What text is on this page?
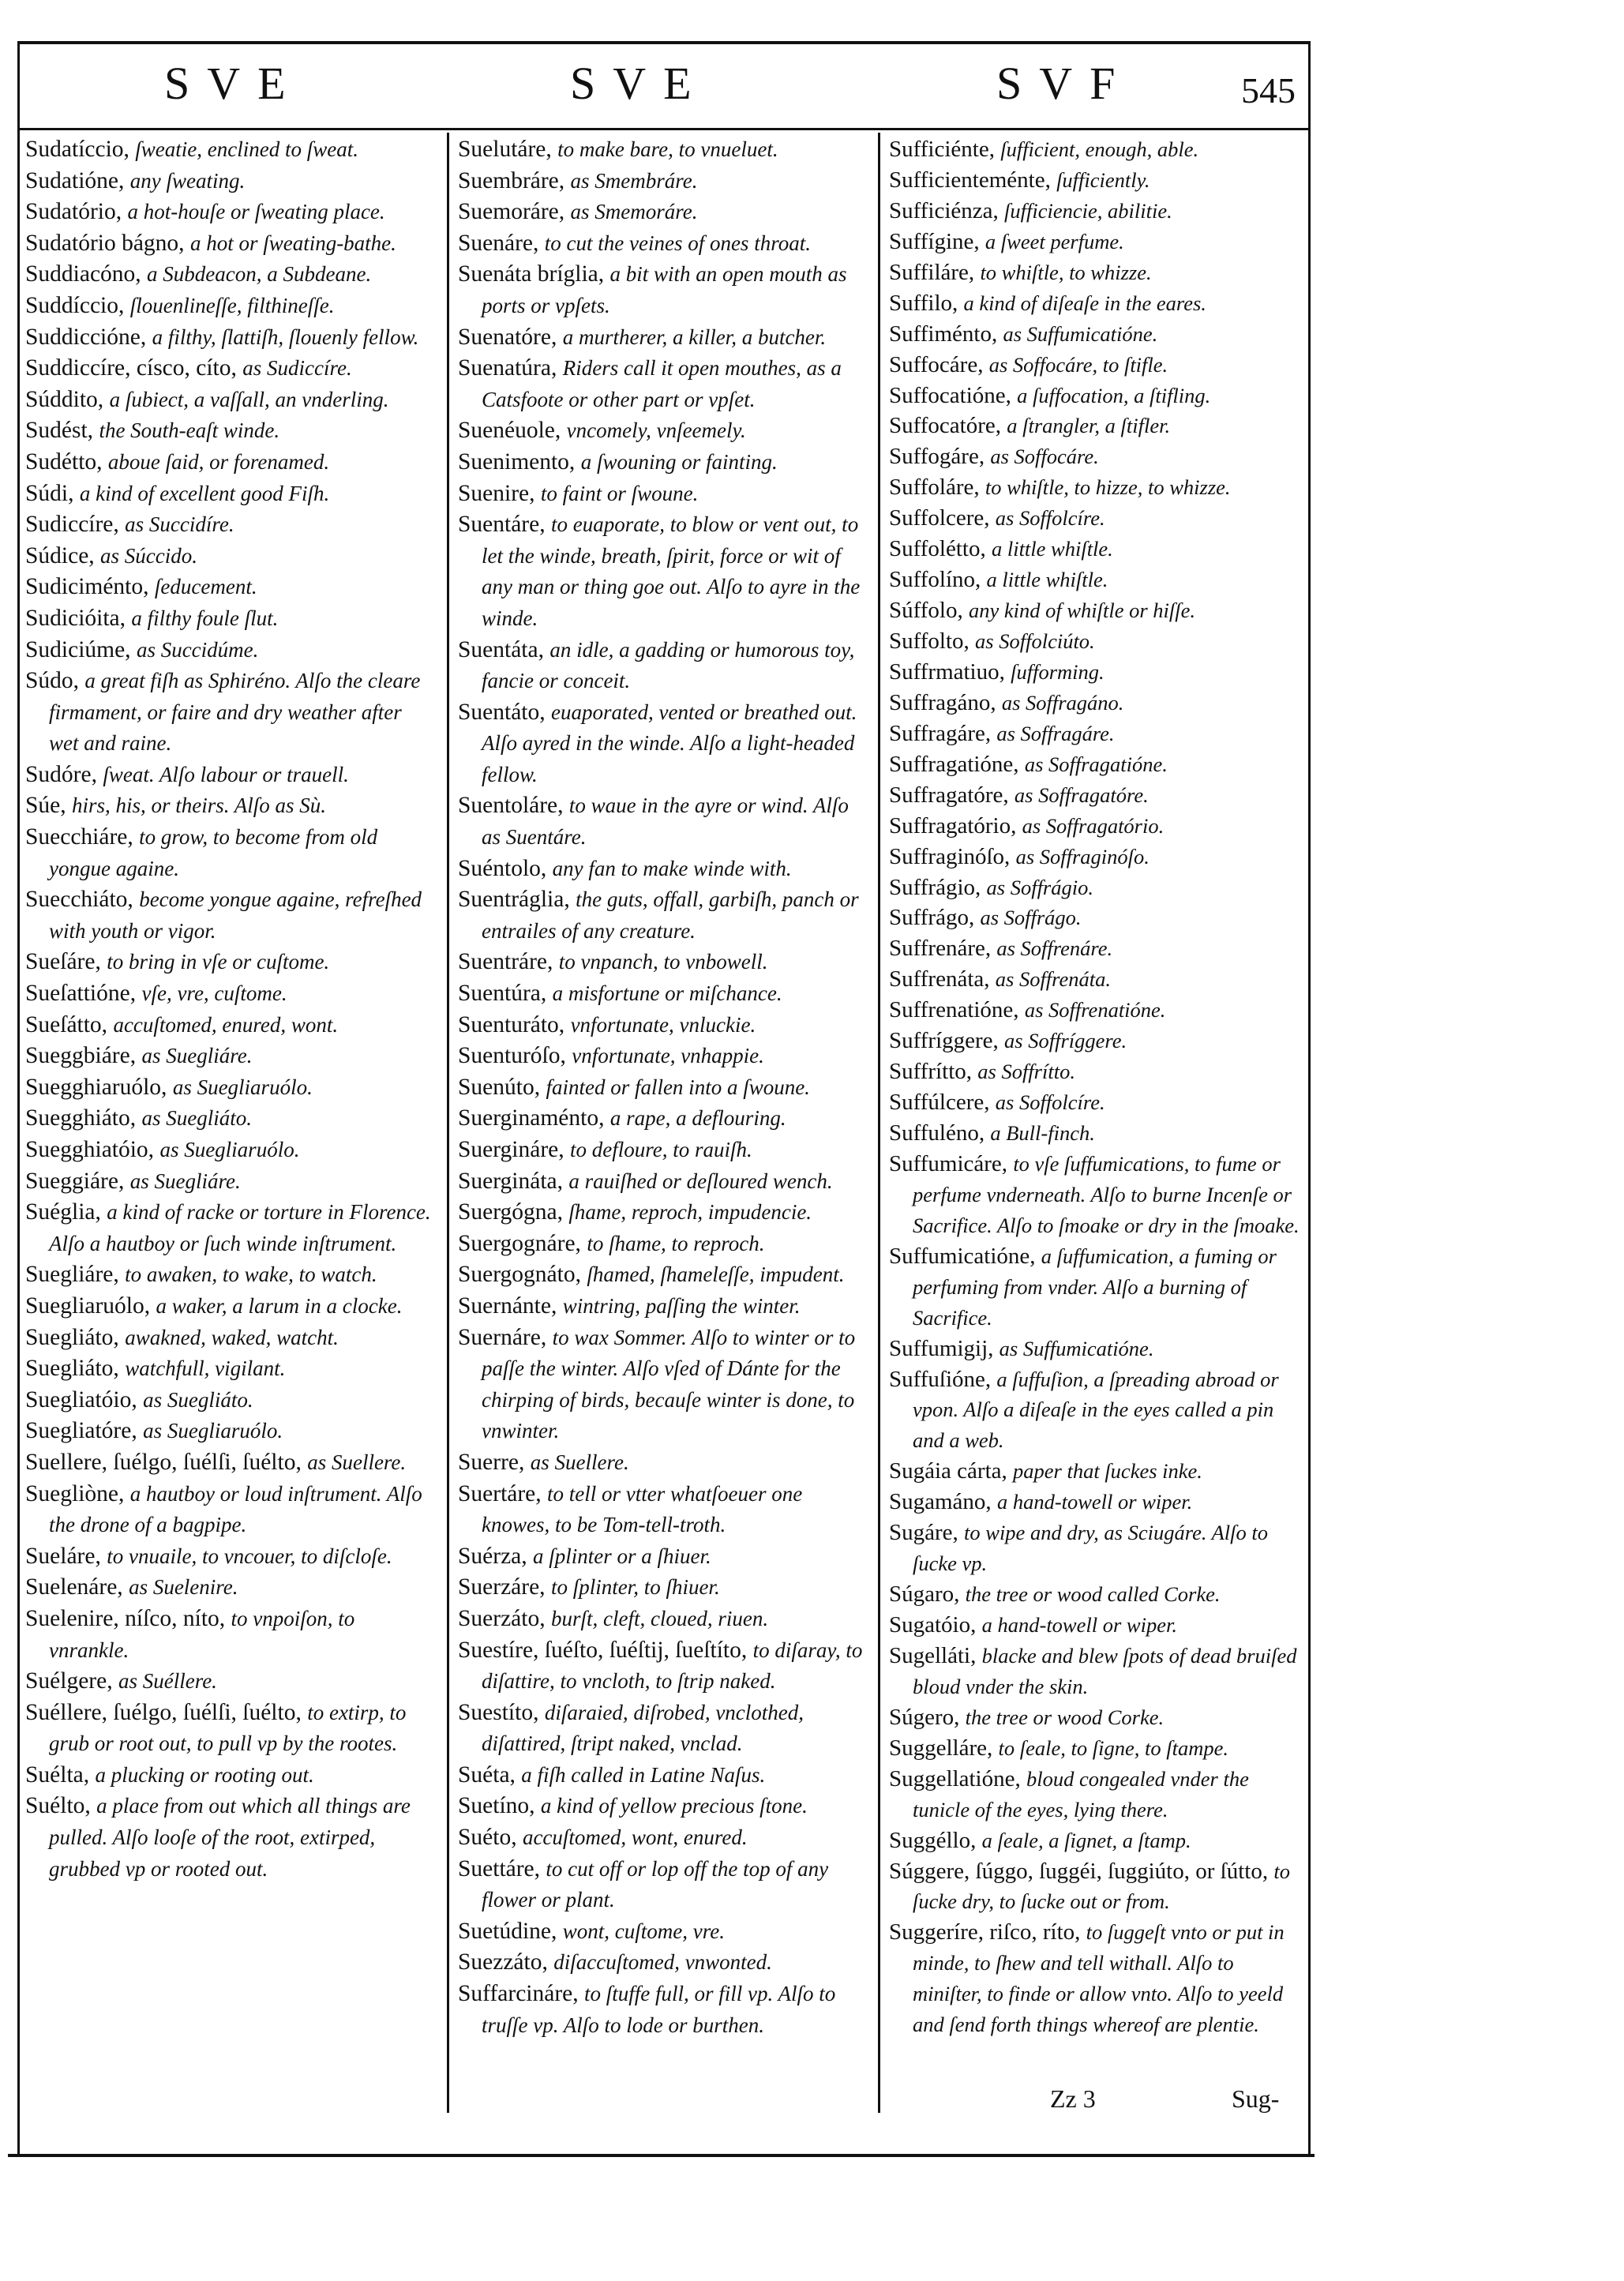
SVE	SVE	SVF	545

Sudatíccio, ſweatie, enclined to ſweat.

Sudatióne, any ſweating.

Sudatório, a hot-houſe or ſweating place.

Sudatório bágno, a hot or ſweating-bathe.

Suddiacóno, a Subdeacon, a Subdeane.

Suddíccio, ſlouenlineſſe, filthineſſe.

Suddiccióne, a filthy, ſlattiſh, ſlouenly fellow.

Suddiccíre, císco, cíto, as Sudiccíre.

Súddito, a ſubiect, a vaſſall, an vnderling.

Sudést, the South-eaſt winde.

Sudétto, aboue ſaid, or forenamed.

Súdi, a kind of excellent good Fiſh.

Sudiccíre, as Succidíre.

Súdice, as Súccido.

Sudiciménto, ſeducement.

Sudicióita, a filthy foule ſlut.

Sudiciúme, as Succidúme.

Súdo, a great fiſh as Sphiréno. Alſo the cleare firmament, or faire and dry weather after wet and raine.

Sudóre, ſweat. Alſo labour or trauell.

Súe, hirs, his, or theirs. Alſo as Sù.

Suecchiáre, to grow, to become from old yongue againe.

Suecchiáto, become yongue againe, refreſhed with youth or vigor.

Sueſáre, to bring in vſe or cuſtome.

Sueſattióne, vſe, vre, cuſtome.

Sueſátto, accuſtomed, enured, wont.

Sueggbiáre, as Suegliáre.

Suegghiaruólo, as Suegliaruólo.

Suegghiáto, as Suegliáto.

Suegghiatóio, as Suegliaruólo.

Sueggiáre, as Suegliáre.

Suéglia, a kind of racke or torture in Florence. Alſo a hautboy or ſuch winde inſtrument.

Suegliáre, to awaken, to wake, to watch.

Suegliaruólo, a waker, a larum in a clocke.

Suegliáto, awakned, waked, watcht.

Suegliáto, watchfull, vigilant.

Suegliatóio, as Suegliáto.

Suegliatóre, as Suegliaruólo.

Suellere, ſuélgo, ſuélſi, ſuélto, as Suellere.

Suegliòne, a hautboy or loud inſtrument. Alſo the drone of a bagpipe.

Sueláre, to vnuaile, to vncouer, to diſcloſe.

Suelenáre, as Suelenire.

Suelenire, níſco, níto, to vnpoiſon, to vnrankle.

Suélgere, as Suéllere.

Suéllere, ſuélgo, ſuélſi, ſuélto, to extirp, to grub or root out, to pull vp by the rootes.

Suélta, a plucking or rooting out.

Suélto, a place from out which all things are pulled. Alſo looſe of the root, extirped, grubbed vp or rooted out.

Suelutáre, to make bare, to vnueluet.

Suembráre, as Smembráre.

Suemoráre, as Smemoráre.

Suenáre, to cut the veines of ones throat.

Suenáta bríglia, a bit with an open mouth as ports or vpſets.

Suenatóre, a murtherer, a killer, a butcher.

Suenatúra, Riders call it open mouthes, as a Catsfoote or other part or vpſet.

Suenéuole, vncomely, vnſeemely.

Suenimento, a ſwouning or fainting.

Suenire, to faint or ſwoune.

Suentáre, to euaporate, to blow or vent out, to let the winde, breath, ſpirit, force or wit of any man or thing goe out. Alſo to ayre in the winde.

Suentáta, an idle, a gadding or humorous toy, fancie or conceit.

Suentáto, euaporated, vented or breathed out. Alſo ayred in the winde. Alſo a light-headed fellow.

Suentoláre, to waue in the ayre or wind. Alſo as Suentáre.

Suéntolo, any fan to make winde with.

Suentráglia, the guts, offall, garbiſh, panch or entrailes of any creature.

Suentráre, to vnpanch, to vnbowell.

Suentúra, a misfortune or miſchance.

Suenturáto, vnfortunate, vnluckie.

Suenturóſo, vnfortunate, vnhappie.

Suenúto, fainted or fallen into a ſwoune.

Suerginaménto, a rape, a deflouring.

Suergináre, to defloure, to rauiſh.

Suergináta, a rauiſhed or deſloured wench.

Suergógna, ſhame, reproch, impudencie.

Suergognáre, to ſhame, to reproch.

Suergognáto, ſhamed, ſhameleſſe, impudent.

Suernánte, wintring, paſſing the winter.

Suernáre, to wax Sommer. Alſo to winter or to paſſe the winter. Alſo vſed of Dánte for the chirping of birds, becauſe winter is done, to vnwinter.

Suerre, as Suellere.

Suertáre, to tell or vtter whatſoeuer one knowes, to be Tom-tell-troth.

Suérza, a ſplinter or a ſhiuer.

Suerzáre, to ſplinter, to ſhiuer.

Suerzáto, burſt, cleft, cloued, riuen.

Suestíre, ſuéſto, ſuéſtij, ſueſtíto, to diſaray, to diſattire, to vncloth, to ſtrip naked.

Suestíto, diſaraied, diſrobed, vnclothed, diſattired, ſtript naked, vnclad.

Suéta, a fiſh called in Latine Naſus.

Suetíno, a kind of yellow precious ſtone.

Suéto, accuſtomed, wont, enured.

Suettáre, to cut off or lop off the top of any flower or plant.

Suetúdine, wont, cuſtome, vre.

Suezzáto, diſaccuſtomed, vnwonted.

Suffarcináre, to ſtuffe full, or fill vp. Alſo to truſſe vp. Alſo to lode or burthen.

Sufficiénte, ſufficient, enough, able.

Sufficienteménte, ſufficiently.

Sufficiénza, ſufficiencie, abilitie.

Suffígine, a ſweet perfume.

Suffiláre, to whiſtle, to whizze.

Suffilo, a kind of diſeaſe in the eares.

Suffiménto, as Suffumicatióne.

Suffocáre, as Soffocáre, to ſtifle.

Suffocatióne, a ſuffocation, a ſtifling.

Suffocatóre, a ſtrangler, a ſtifler.

Suffogáre, as Soffocáre.

Suffoláre, to whiſtle, to hizze, to whizze.

Suffolcere, as Soffolcíre.

Suffolétto, a little whiſtle.

Suffolíno, a little whiſtle.

Súffolo, any kind of whiſtle or hiſſe.

Suffolto, as Soffolciúto.

Suffrmatiuo, ſufforming.

Suffragáno, as Soffragáno.

Suffragáre, as Soffragáre.

Suffragatióne, as Soffragatióne.

Suffragatóre, as Soffragatóre.

Suffragatório, as Soffragatório.

Suffraginóſo, as Soffraginóſo.

Suffrágio, as Soffrágio.

Suffrágo, as Soffrágo.

Suffrenáre, as Soffrenáre.

Suffrenáta, as Soffrenáta.

Suffrenatióne, as Soffrenatióne.

Suffríggere, as Soffríggere.

Suffrítto, as Soffrítto.

Suffúlcere, as Soffolcíre.

Suffuléno, a Bull-finch.

Suffumicáre, to vſe ſuffumications, to fume or perfume vnderneath. Alſo to burne Incenſe or Sacrifice. Alſo to ſmoake or dry in the ſmoake.

Suffumicatióne, a ſuffumication, a fuming or perfuming from vnder. Alſo a burning of Sacrifice.

Suffumigij, as Suffumicatióne.

Suffuſióne, a ſuffuſion, a ſpreading abroad or vpon. Alſo a diſeaſe in the eyes called a pin and a web.

Sugáia cárta, paper that ſuckes inke.

Sugamáno, a hand-towell or wiper.

Sugáre, to wipe and dry, as Sciugáre. Alſo to ſucke vp.

Súgaro, the tree or wood called Corke.

Sugatóio, a hand-towell or wiper.

Sugelláti, blacke and blew ſpots of dead bruiſed bloud vnder the skin.

Súgero, the tree or wood Corke.

Suggelláre, to ſeale, to ſigne, to ſtampe.

Suggellatióne, bloud congealed vnder the tunicle of the eyes, lying there.

Suggéllo, a ſeale, a ſignet, a ſtamp.

Súggere, ſúggo, ſuggéi, ſuggiúto, or ſútto, to ſucke dry, to ſucke out or from.

Suggeríre, riſco, ríto, to ſuggeſt vnto or put in minde, to ſhew and tell withall. Alſo to miniſter, to finde or allow vnto. Alſo to yeeld and ſend forth things whereof are plentie.

Zz 3	Sug-
